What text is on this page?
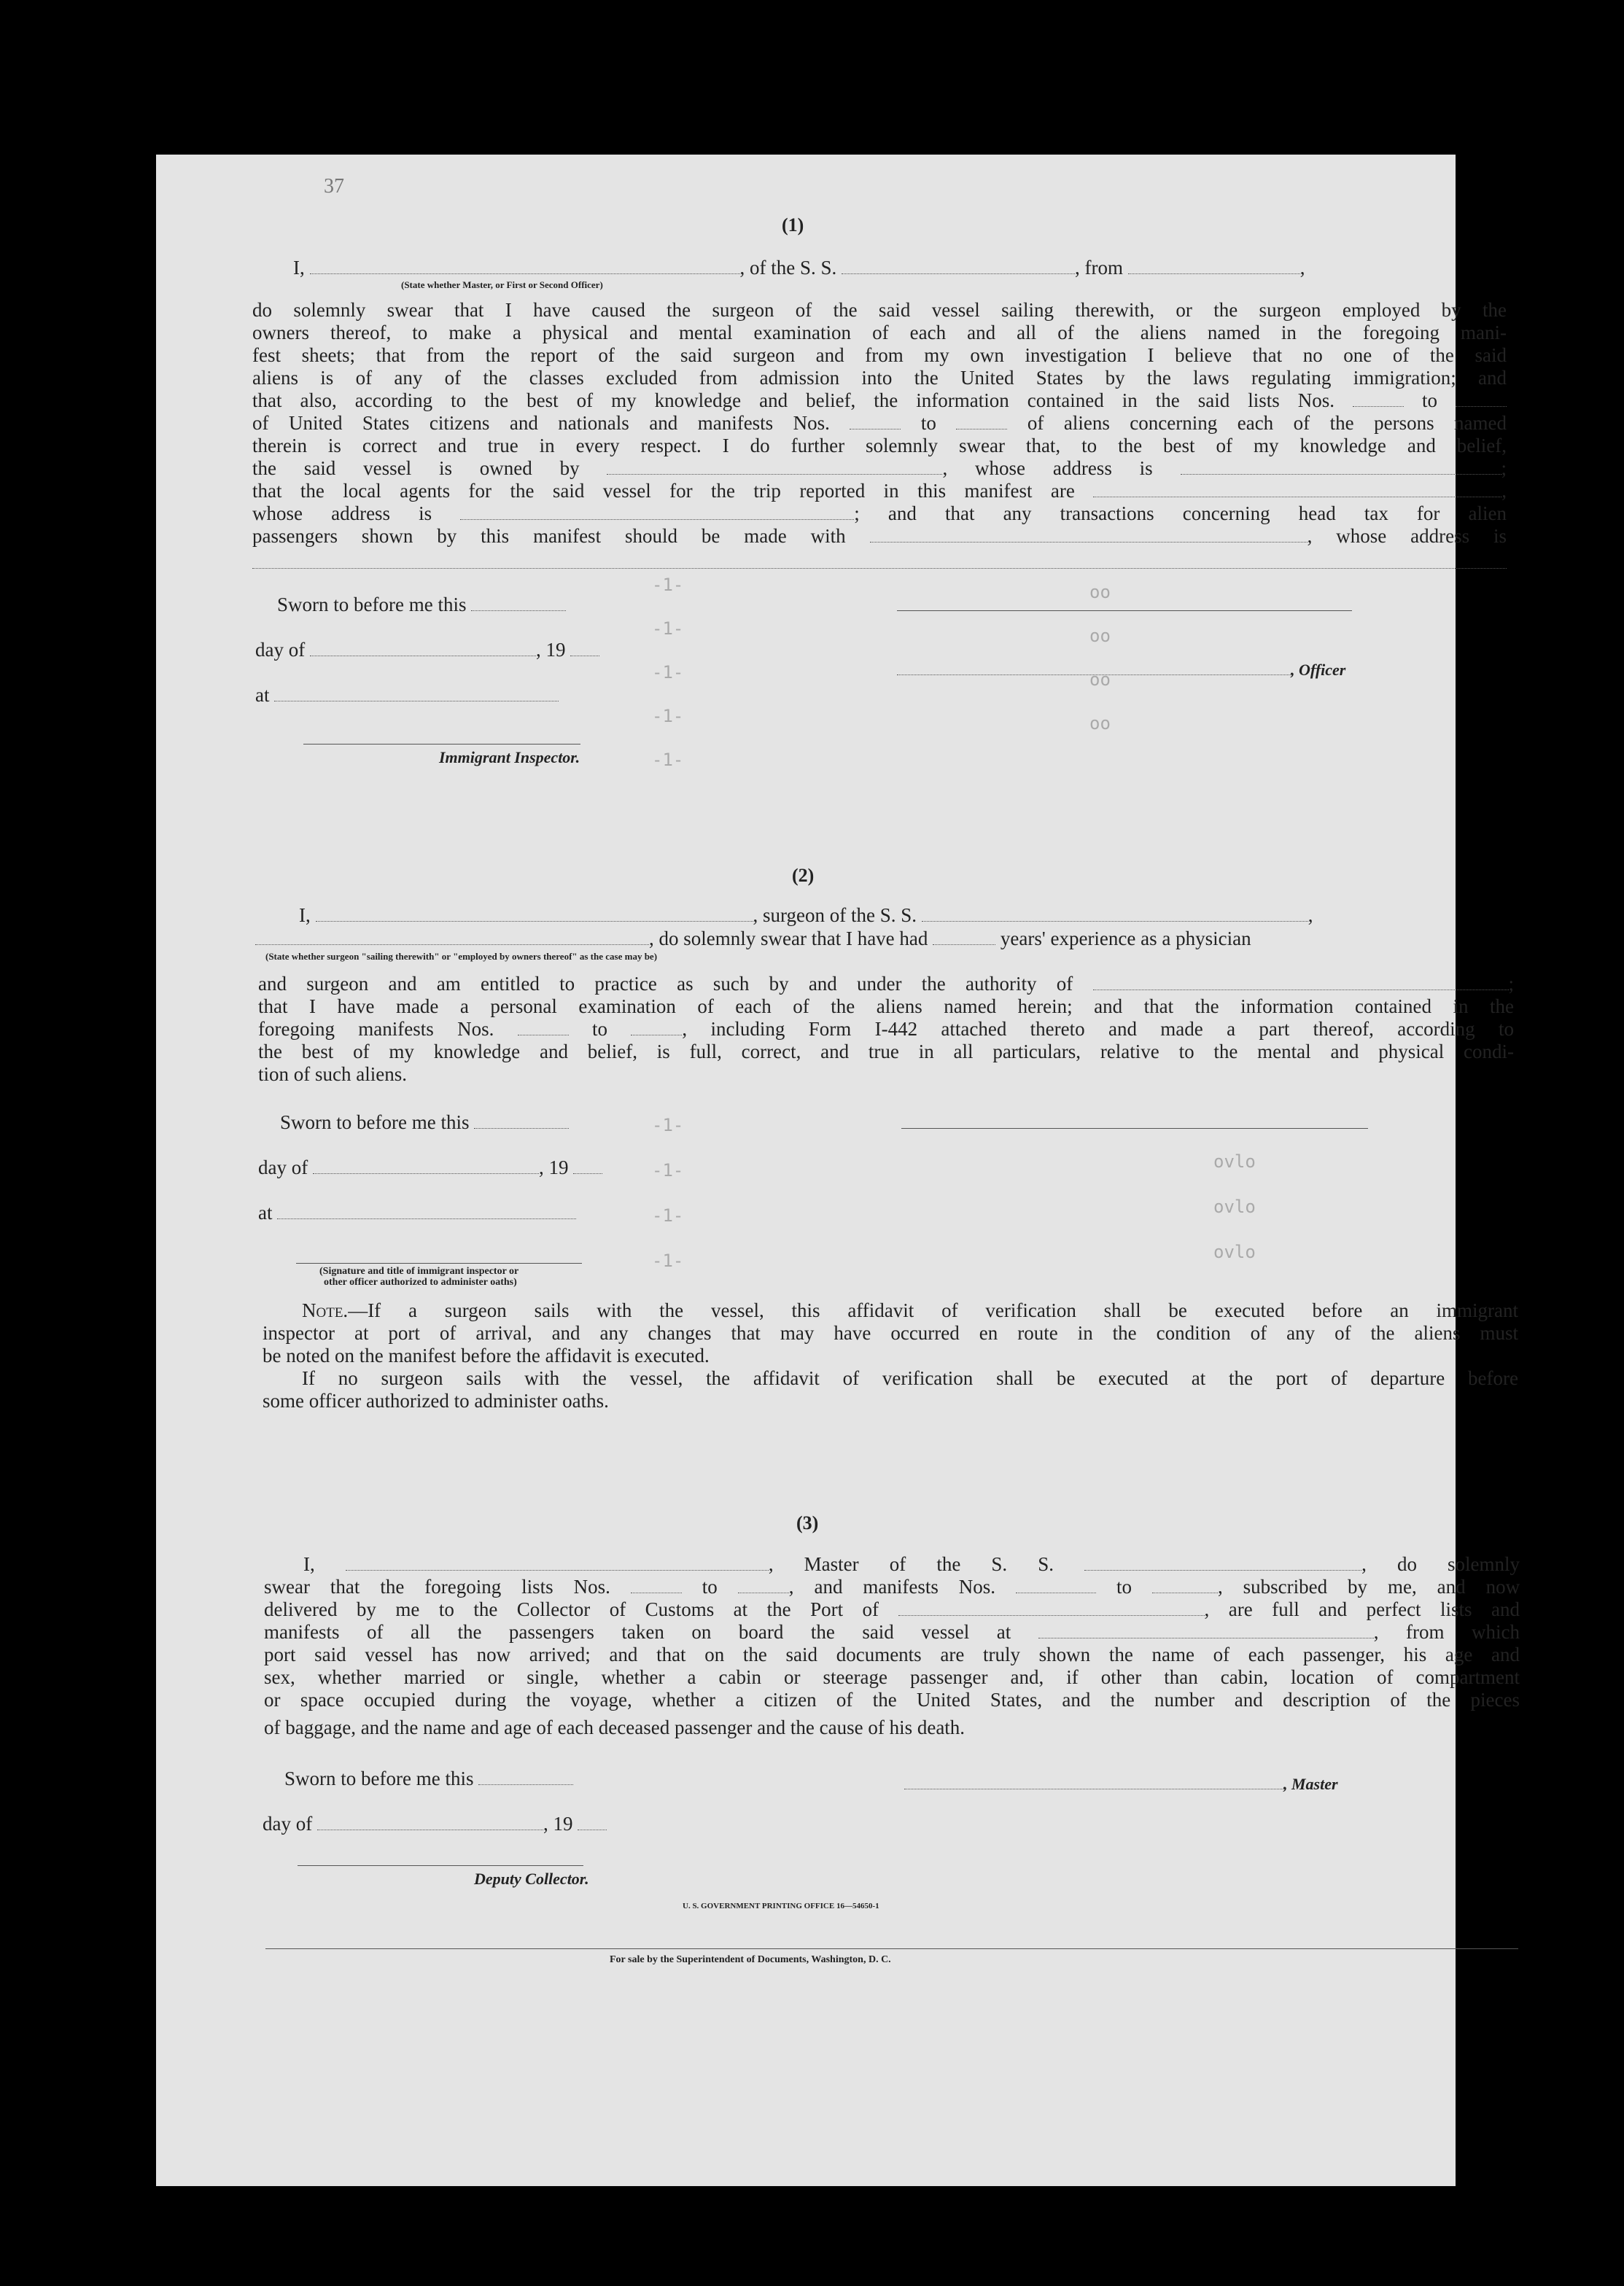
37
-1-
-1-
-1-
-1-
-1-
oo
oo
oo
oo
-1-
-1-
-1-
-1-
ovlo
ovlo
ovlo
(1)
I,	, of the S. S.	, from	,
(State whether Master, or First or Second Officer)
do solemnly swear that I have caused the surgeon of the said vessel sailing therewith, or the surgeon employed by the
owners thereof, to make a physical and mental examination of each and all of the aliens named in the foregoing mani-
fest sheets; that from the report of the said surgeon and from my own investigation I believe that no one of the said
aliens is of any of the classes excluded from admission into the United States by the laws regulating immigration; and
that also, according to the best of my knowledge and belief, the information contained in the said lists Nos.	to
of United States citizens and nationals and manifests Nos.	to	of aliens concerning each of the persons named
therein is correct and true in every respect. I do further solemnly swear that, to the best of my knowledge and belief,
the said vessel is owned by	, whose address is	;
that the local agents for the said vessel for the trip reported in this manifest are	,
whose address is	; and that any transactions concerning head tax for alien
passengers shown by this manifest should be made with	, whose address is
Sworn to before me this
day of	, 19
, Officer
at
Immigrant Inspector.
(2)
I,	, surgeon of the S. S.	,
, do solemnly swear that I have had	years' experience as a physician
(State whether surgeon "sailing therewith" or "employed by owners thereof" as the case may be)
and surgeon and am entitled to practice as such by and under the authority of	;
that I have made a personal examination of each of the aliens named herein; and that the information contained in the
foregoing manifests Nos.	to	, including Form I-442 attached thereto and made a part thereof, according to
the best of my knowledge and belief, is full, correct, and true in all particulars, relative to the mental and physical condi-
tion of such aliens.
Sworn to before me this
day of	, 19
at
(Signature and title of immigrant inspector or
other officer authorized to administer oaths)
Note.—If a surgeon sails with the vessel, this affidavit of verification shall be executed before an immigrant
inspector at port of arrival, and any changes that may have occurred en route in the condition of any of the aliens must
be noted on the manifest before the affidavit is executed.
If no surgeon sails with the vessel, the affidavit of verification shall be executed at the port of departure before
some officer authorized to administer oaths.
(3)
I,	, Master of the S. S.	, do solemnly
swear that the foregoing lists Nos.	to	, and manifests Nos.	to	, subscribed by me, and now
delivered by me to the Collector of Customs at the Port of	, are full and perfect lists and
manifests of all the passengers taken on board the said vessel at	, from which
port said vessel has now arrived; and that on the said documents are truly shown the name of each passenger, his age and
sex, whether married or single, whether a cabin or steerage passenger and, if other than cabin, location of compartment
or space occupied during the voyage, whether a citizen of the United States, and the number and description of the pieces
of baggage, and the name and age of each deceased passenger and the cause of his death.
Sworn to before me this	, Master
day of	, 19
Deputy Collector.
U. S. GOVERNMENT PRINTING OFFICE 16—54650-1
For sale by the Superintendent of Documents, Washington, D. C.
